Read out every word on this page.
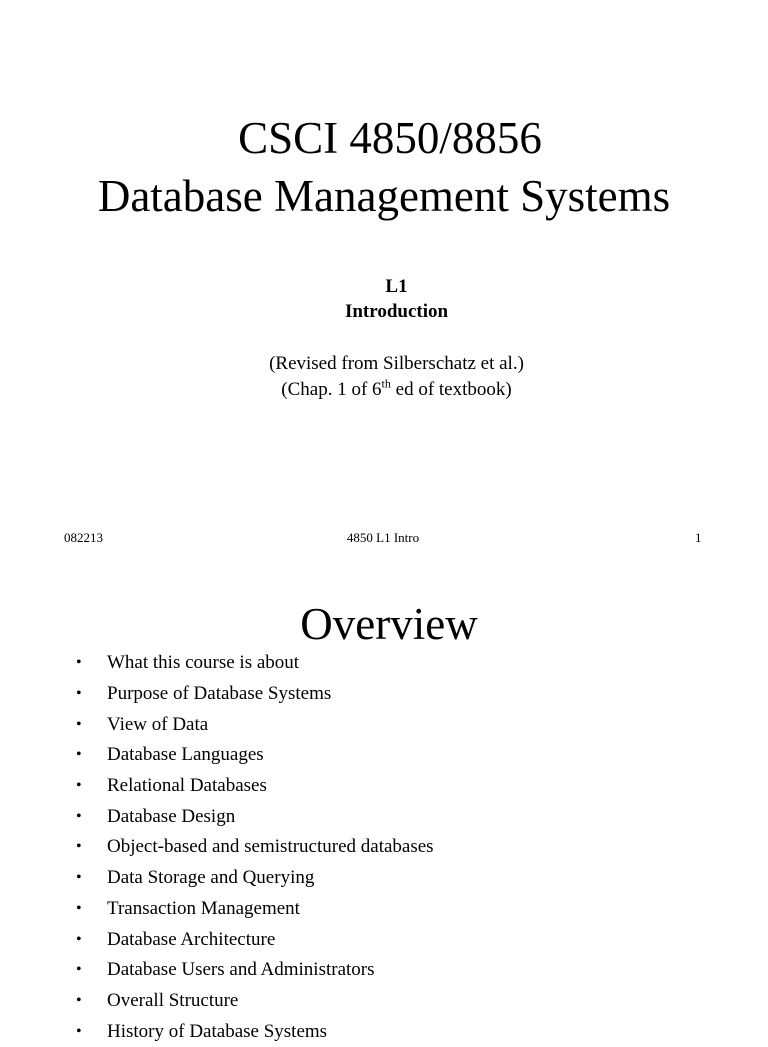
CSCI 4850/8856
Database Management Systems
L1
Introduction
(Revised from Silberschatz et al.)
(Chap. 1 of 6th ed of textbook)
082213	4850 L1 Intro	1
Overview
•	What this course is about
•	Purpose of Database Systems
•	View of Data
•	Database Languages
•	Relational Databases
•	Database Design
•	Object-based and semistructured databases
•	Data Storage and Querying
•	Transaction Management
•	Database Architecture
•	Database Users and Administrators
•	Overall Structure
•	History of Database Systems
